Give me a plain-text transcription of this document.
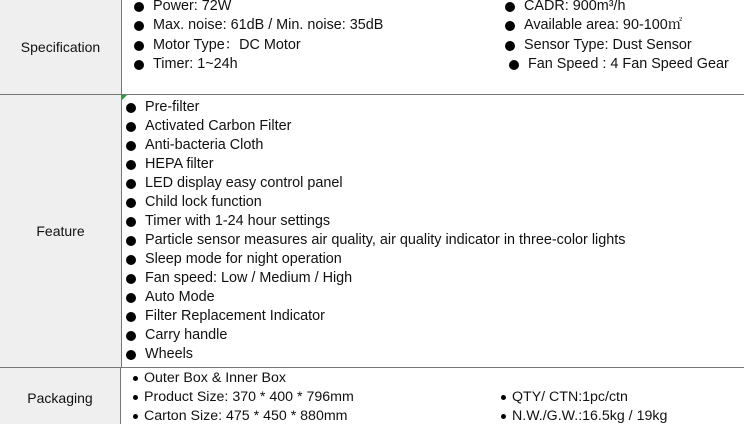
Specification
Power: 72W
Max. noise: 61dB / Min. noise: 35dB
Motor Type：DC Motor
Timer: 1~24h
CADR: 900m³/h
Available area: 90-100㎡
Sensor Type: Dust Sensor
Fan Speed : 4 Fan Speed Gear
Feature
Pre-filter
Activated Carbon Filter
Anti-bacteria Cloth
HEPA filter
LED display easy control panel
Child lock function
Timer with 1-24 hour settings
Particle sensor measures air quality, air quality indicator in three-color lights
Sleep mode for night operation
Fan speed: Low / Medium / High
Auto Mode
Filter Replacement Indicator
Carry handle
Wheels
Packaging
Outer Box & Inner Box
Product Size: 370 * 400 * 796mm
Carton Size: 475 * 450 * 880mm
QTY/ CTN:1pc/ctn
N.W./G.W.:16.5kg / 19kg
